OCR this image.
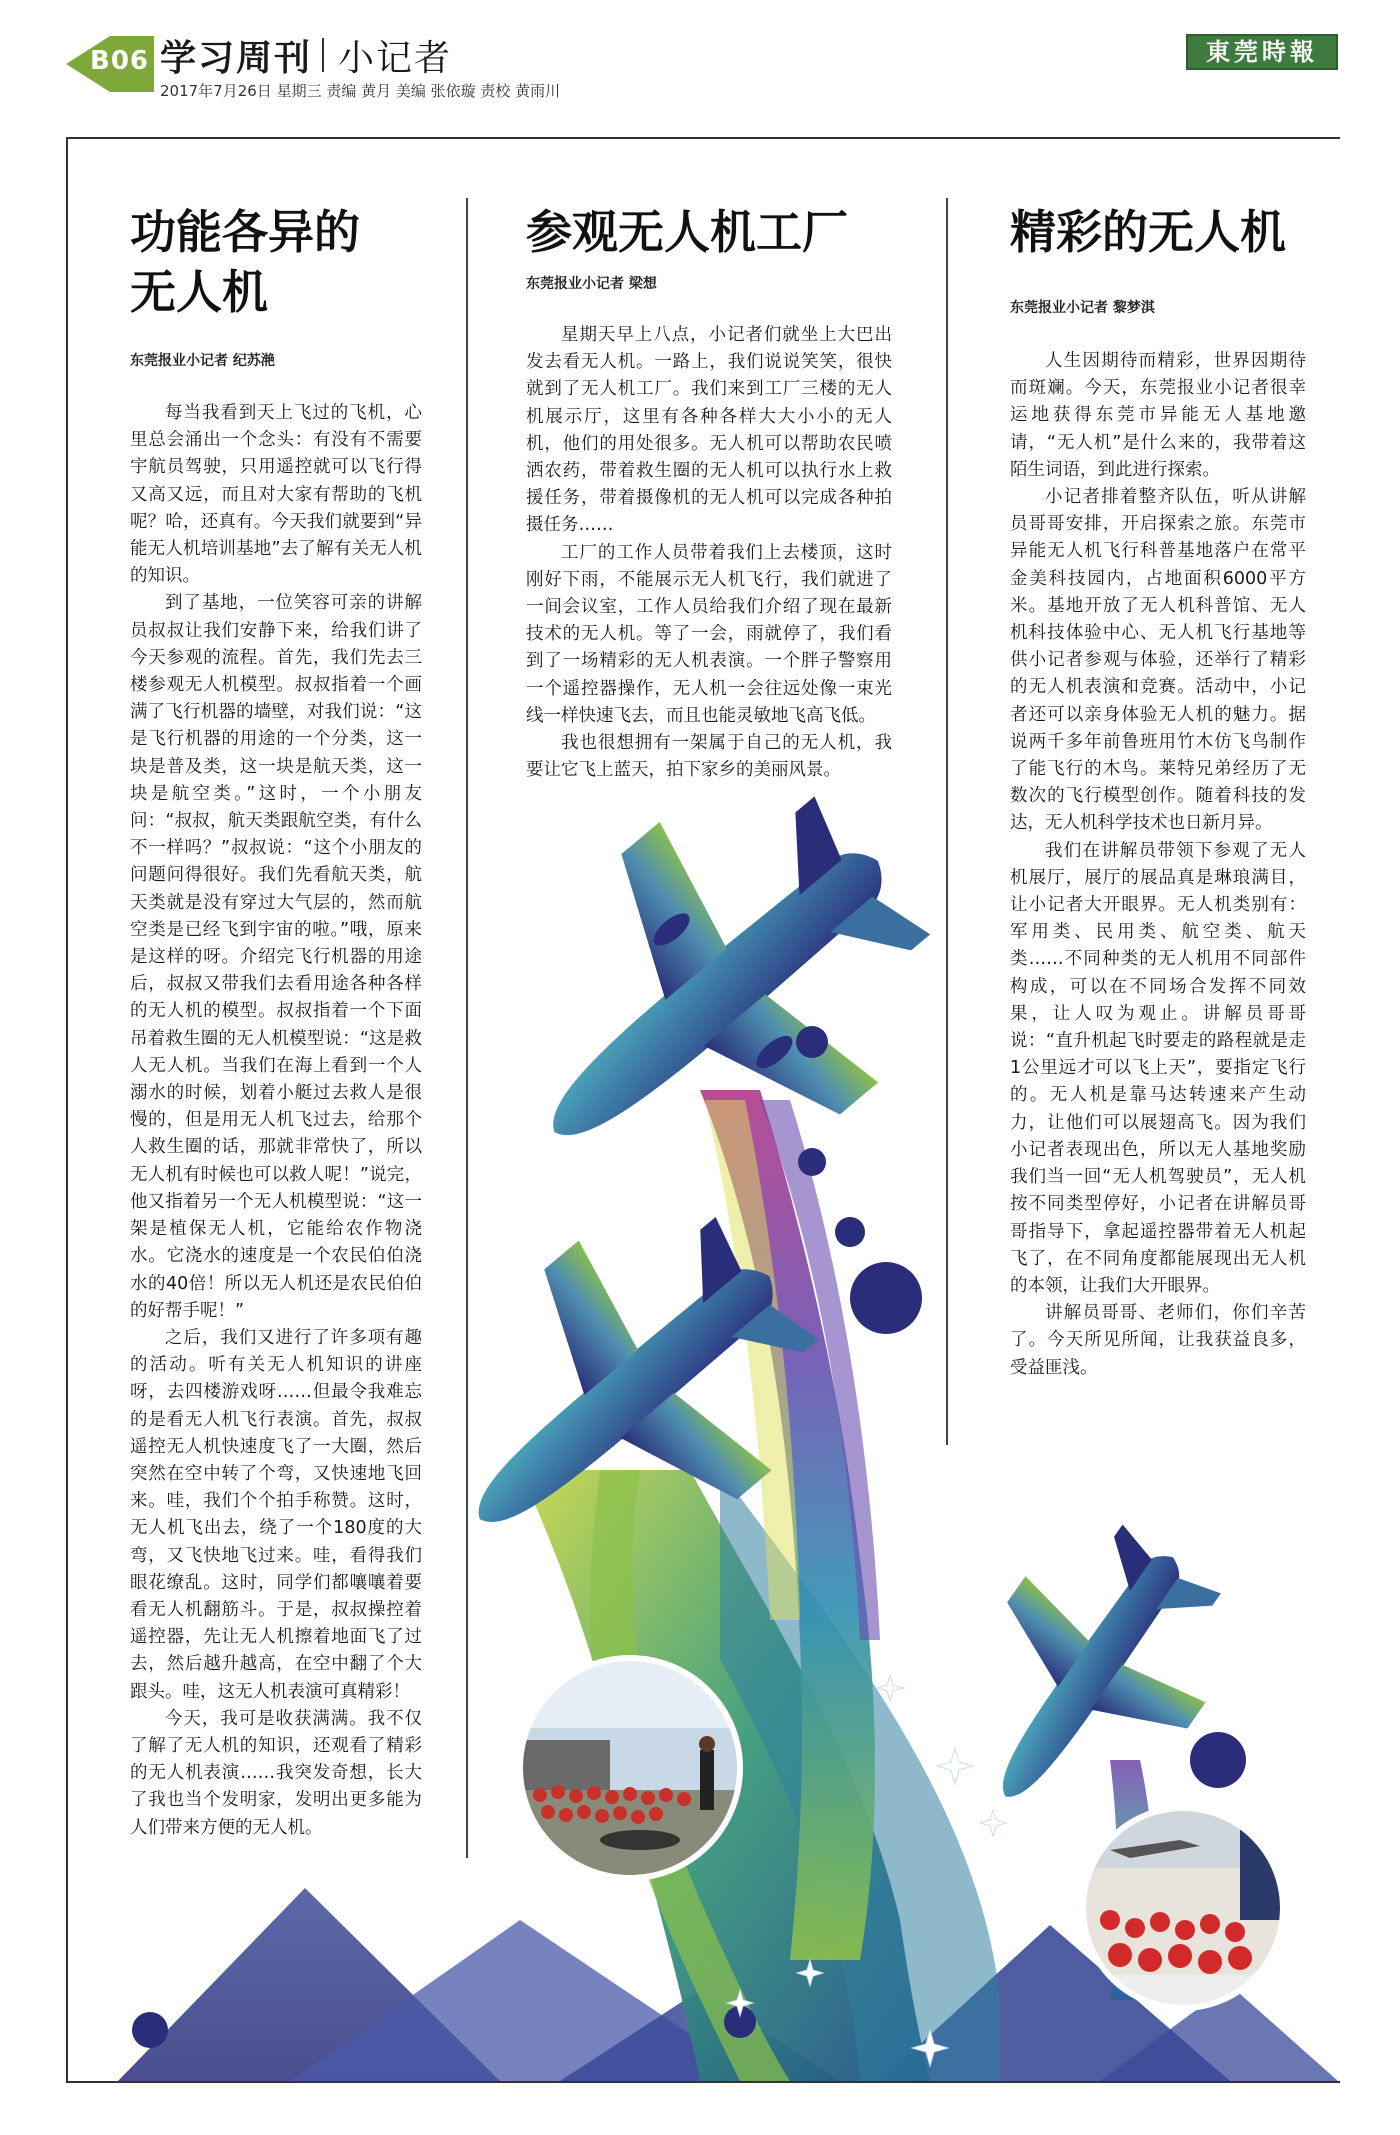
B06 学习周刊 小记者
2017年7月26日 星期三 责编 黄月 美编 张依璇 责校 黄雨川
東莞時報
功能各异的
无人机
东莞报业小记者 纪苏滟

每当我看到天上飞过的飞机，心里总会涌出一个念头：有没有不需要宇航员驾驶，只用遥控就可以飞行得又高又远，而且对大家有帮助的飞机呢？哈，还真有。今天我们就要到“异能无人机培训基地”去了解有关无人机的知识。

到了基地，一位笑容可亲的讲解员叔叔让我们安静下来，给我们讲了今天参观的流程。首先，我们先去三楼参观无人机模型。叔叔指着一个画满了飞行机器的墙壁，对我们说：“这是飞行机器的用途的一个分类，这一块是普及类，这一块是航天类，这一块是航空类。”这时，一个小朋友问：“叔叔，航天类跟航空类，有什么不一样吗？”叔叔说：“这个小朋友的问题问得很好。我们先看航天类，航天类就是没有穿过大气层的，然而航空类是已经飞到宇宙的啦。”哦，原来是这样的呀。介绍完飞行机器的用途后，叔叔又带我们去看用途各种各样的无人机的模型。叔叔指着一个下面吊着救生圈的无人机模型说：“这是救人无人机。当我们在海上看到一个人溺水的时候，划着小艇过去救人是很慢的，但是用无人机飞过去，给那个人救生圈的话，那就非常快了，所以无人机有时候也可以救人呢！”说完，他又指着另一个无人机模型说：“这一架是植保无人机，它能给农作物浇水。它浇水的速度是一个农民伯伯浇水的40倍！所以无人机还是农民伯伯的好帮手呢！”

之后，我们又进行了许多项有趣的活动。听有关无人机知识的讲座呀，去四楼游戏呀……但最令我难忘的是看无人机飞行表演。首先，叔叔遥控无人机快速度飞了一大圈，然后突然在空中转了个弯，又快速地飞回来。哇，我们个个拍手称赞。这时，无人机飞出去，绕了一个180度的大弯，又飞快地飞过来。哇，看得我们眼花缭乱。这时，同学们都嚷嚷着要看无人机翻筋斗。于是，叔叔操控着遥控器，先让无人机擦着地面飞了过去，然后越升越高，在空中翻了个大跟头。哇，这无人机表演可真精彩！

今天，我可是收获满满。我不仅了解了无人机的知识，还观看了精彩的无人机表演……我突发奇想，长大了我也当个发明家，发明出更多能为人们带来方便的无人机。

参观无人机工厂
东莞报业小记者 梁想

星期天早上八点，小记者们就坐上大巴出发去看无人机。一路上，我们说说笑笑，很快就到了无人机工厂。我们来到工厂三楼的无人机展示厅，这里有各种各样大大小小的无人机，他们的用处很多。无人机可以帮助农民喷洒农药，带着救生圈的无人机可以执行水上救援任务，带着摄像机的无人机可以完成各种拍摄任务……

工厂的工作人员带着我们上去楼顶，这时刚好下雨，不能展示无人机飞行，我们就进了一间会议室，工作人员给我们介绍了现在最新技术的无人机。等了一会，雨就停了，我们看到了一场精彩的无人机表演。一个胖子警察用一个遥控器操作，无人机一会往远处像一束光线一样快速飞去，而且也能灵敏地飞高飞低。

我也很想拥有一架属于自己的无人机，我要让它飞上蓝天，拍下家乡的美丽风景。

精彩的无人机
东莞报业小记者 黎梦淇

人生因期待而精彩，世界因期待而斑斓。今天，东莞报业小记者很幸运地获得东莞市异能无人基地邀请，“无人机”是什么来的，我带着这陌生词语，到此进行探索。

小记者排着整齐队伍，听从讲解员哥哥安排，开启探索之旅。东莞市异能无人机飞行科普基地落户在常平金美科技园内，占地面积6000平方米。基地开放了无人机科普馆、无人机科技体验中心、无人机飞行基地等供小记者参观与体验，还举行了精彩的无人机表演和竞赛。活动中，小记者还可以亲身体验无人机的魅力。据说两千多年前鲁班用竹木仿飞鸟制作了能飞行的木鸟。莱特兄弟经历了无数次的飞行模型创作。随着科技的发达，无人机科学技术也日新月异。

我们在讲解员带领下参观了无人机展厅，展厅的展品真是琳琅满目，让小记者大开眼界。无人机类别有：军用类、民用类、航空类、航天类……不同种类的无人机用不同部件构成，可以在不同场合发挥不同效果，让人叹为观止。讲解员哥哥说：“直升机起飞时要走的路程就是走1公里远才可以飞上天”，要指定飞行的。无人机是靠马达转速来产生动力，让他们可以展翅高飞。因为我们小记者表现出色，所以无人基地奖励我们当一回“无人机驾驶员”，无人机按不同类型停好，小记者在讲解员哥哥指导下，拿起遥控器带着无人机起飞了，在不同角度都能展现出无人机的本领，让我们大开眼界。

讲解员哥哥、老师们，你们辛苦了。今天所见所闻，让我获益良多，受益匪浅。
